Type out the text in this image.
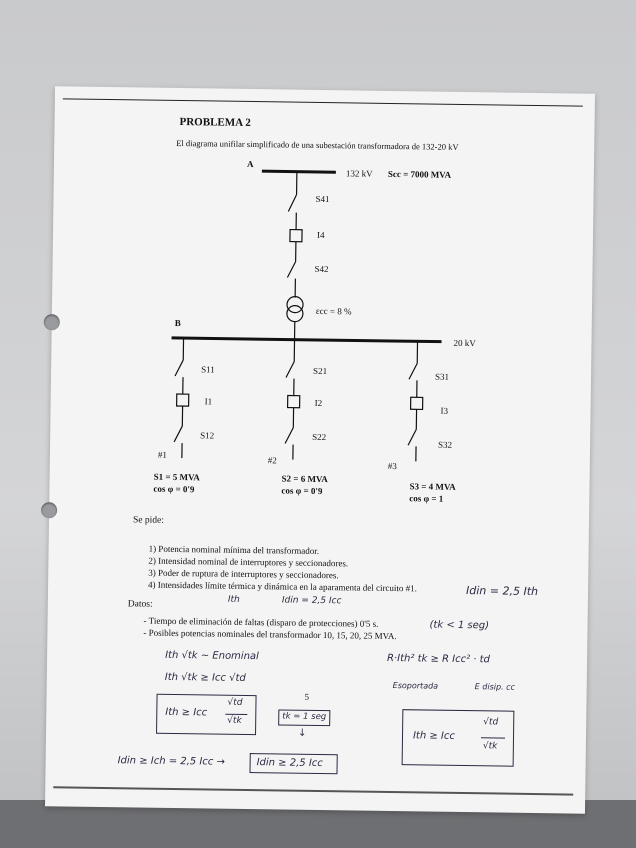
PROBLEMA 2
El diagrama unifilar simplificado de una subestación transformadora de 132-20 kV
A
132 kV Scc = 7000 MVA
S41
I4
S42
εcc = 8 %
B
20 kV
S11
I1
S12
#1
S1 = 5 MVA
cos φ = 0'9
S21
I2
S22
#2
S2 = 6 MVA
cos φ = 0'9
S31
I3
S32
#3
S3 = 4 MVA
cos φ = 1
Se pide:
1) Potencia nominal mínima del transformador.
2) Intensidad nominal de interruptores y seccionadores.
3) Poder de ruptura de interruptores y seccionadores.
4) Intensidades límite térmica y dinámica en la aparamenta del circuito #1.
Datos:
- Tiempo de eliminación de faltas (disparo de protecciones) 0'5 s.
- Posibles potencias nominales del transformador 10, 15, 20, 25 MVA.
Idin = 2,5 Ith
Ith	Idin = 2,5 Icc
(tk < 1 seg)
Ith √tk ~ Enominal
Ith √tk ≥ Icc √td
Ith ≥ Icc
√td
√tk
5
tk = 1 seg
↓
R·Ith² tk ≥ R Icc² · td
Esoportada	E disip. cc
Ith ≥ Icc
√td
√tk
Idin ≥ Ich = 2,5 Icc →	Idin ≥ 2,5 Icc
